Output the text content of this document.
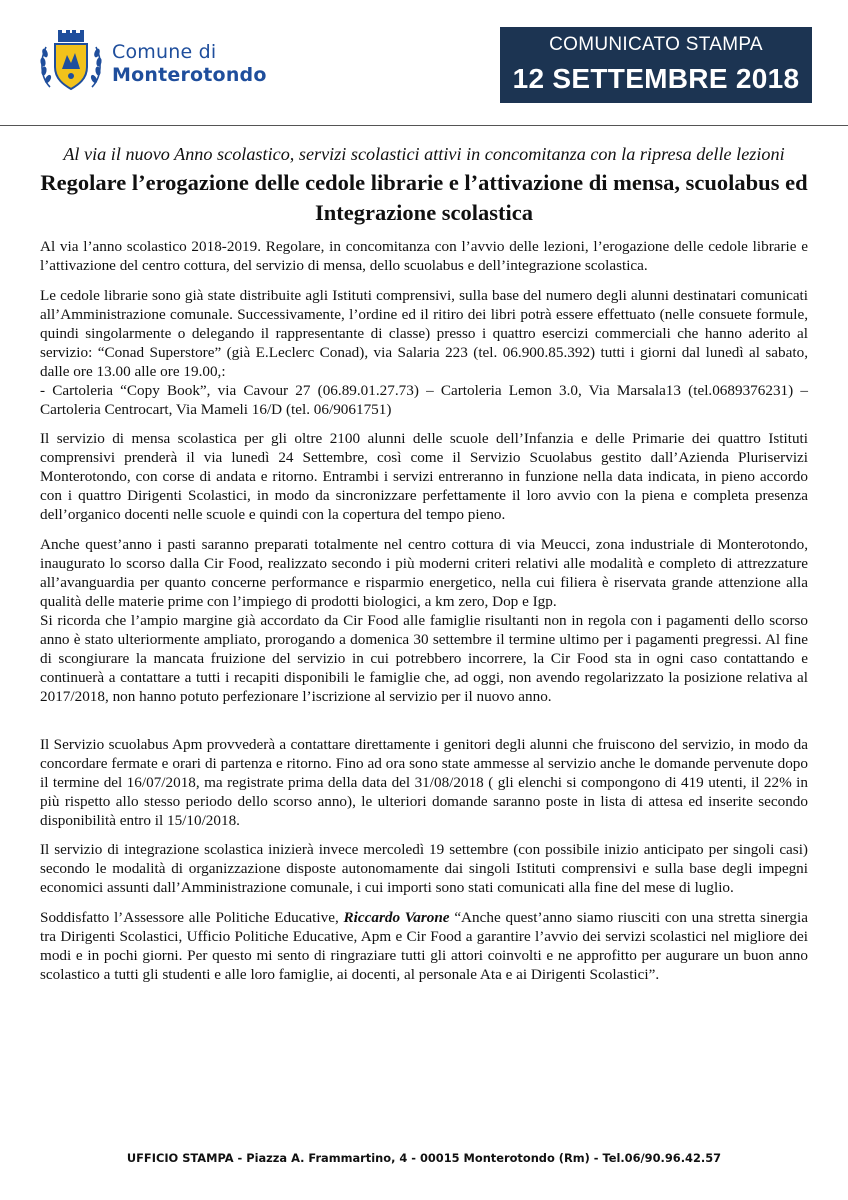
Comune di
Monterotondo
COMUNICATO STAMPA
12 SETTEMBRE 2018
Al via il nuovo Anno scolastico, servizi scolastici attivi in concomitanza con la ripresa delle lezioni
Regolare l’erogazione delle cedole librarie e l’attivazione di mensa, scuolabus ed Integrazione scolastica

Al via l’anno scolastico 2018-2019. Regolare, in concomitanza con l’avvio delle lezioni, l’erogazione delle cedole librarie e l’attivazione del centro cottura, del servizio di mensa, dello scuolabus e dell’integrazione scolastica.

Le cedole librarie sono già state distribuite agli Istituti comprensivi, sulla base del numero degli alunni destinatari comunicati all’Amministrazione comunale. Successivamente, l’ordine ed il ritiro dei libri potrà essere effettuato (nelle consuete formule, quindi singolarmente o delegando il rappresentante di classe) presso i quattro esercizi commerciali che hanno aderito al servizio: “Conad Superstore” (già E.Leclerc Conad), via Salaria 223 (tel. 06.900.85.392) tutti i giorni dal lunedì al sabato, dalle ore 13.00 alle ore 19.00,:

- Cartoleria “Copy Book”, via Cavour 27 (06.89.01.27.73) – Cartoleria Lemon 3.0, Via Marsala13 (tel.0689376231) – Cartoleria Centrocart, Via Mameli 16/D (tel. 06/9061751)

Il servizio di mensa scolastica per gli oltre 2100 alunni delle scuole dell’Infanzia e delle Primarie dei quattro Istituti comprensivi prenderà il via lunedì 24 Settembre, così come il Servizio Scuolabus gestito dall’Azienda Pluriservizi Monterotondo, con corse di andata e ritorno. Entrambi i servizi entreranno in funzione nella data indicata, in pieno accordo con i quattro Dirigenti Scolastici, in modo da sincronizzare perfettamente il loro avvio con la piena e completa presenza dell’organico docenti nelle scuole e quindi con la copertura del tempo pieno.

Anche quest’anno i pasti saranno preparati totalmente nel centro cottura di via Meucci, zona industriale di Monterotondo, inaugurato lo scorso dalla Cir Food, realizzato secondo i più moderni criteri relativi alle modalità e completo di attrezzature all’avanguardia per quanto concerne performance e risparmio energetico, nella cui filiera è riservata grande attenzione alla qualità delle materie prime con l’impiego di prodotti biologici, a km zero, Dop e Igp.

Si ricorda che l’ampio margine già accordato da Cir Food alle famiglie risultanti non in regola con i pagamenti dello scorso anno è stato ulteriormente ampliato, prorogando a domenica 30 settembre il termine ultimo per i pagamenti pregressi. Al fine di scongiurare la mancata fruizione del servizio in cui potrebbero incorrere, la Cir Food sta in ogni caso contattando e continuerà a contattare a tutti i recapiti disponibili le famiglie che, ad oggi, non avendo regolarizzato la posizione relativa al 2017/2018, non hanno potuto perfezionare l’iscrizione al servizio per il nuovo anno.

Il Servizio scuolabus Apm provvederà a contattare direttamente i genitori degli alunni che fruiscono del servizio, in modo da concordare fermate e orari di partenza e ritorno. Fino ad ora sono state ammesse al servizio anche le domande pervenute dopo il termine del 16/07/2018, ma registrate prima della data del 31/08/2018 ( gli elenchi si compongono di 419 utenti, il 22% in più rispetto allo stesso periodo dello scorso anno), le ulteriori domande saranno poste in lista di attesa ed inserite secondo disponibilità entro il 15/10/2018.

Il servizio di integrazione scolastica inizierà invece mercoledì 19 settembre (con possibile inizio anticipato per singoli casi) secondo le modalità di organizzazione disposte autonomamente dai singoli Istituti comprensivi e sulla base degli impegni economici assunti dall’Amministrazione comunale, i cui importi sono stati comunicati alla fine del mese di luglio.

Soddisfatto l’Assessore alle Politiche Educative, Riccardo Varone “Anche quest’anno siamo riusciti con una stretta sinergia tra Dirigenti Scolastici, Ufficio Politiche Educative, Apm e Cir Food a garantire l’avvio dei servizi scolastici nel migliore dei modi e in pochi giorni. Per questo mi sento di ringraziare tutti gli attori coinvolti e ne approfitto per augurare un buon anno scolastico a tutti gli studenti e alle loro famiglie, ai docenti, al personale Ata e ai Dirigenti Scolastici”.

UFFICIO STAMPA - Piazza A. Frammartino, 4 - 00015 Monterotondo (Rm) - Tel.06/90.96.42.57
